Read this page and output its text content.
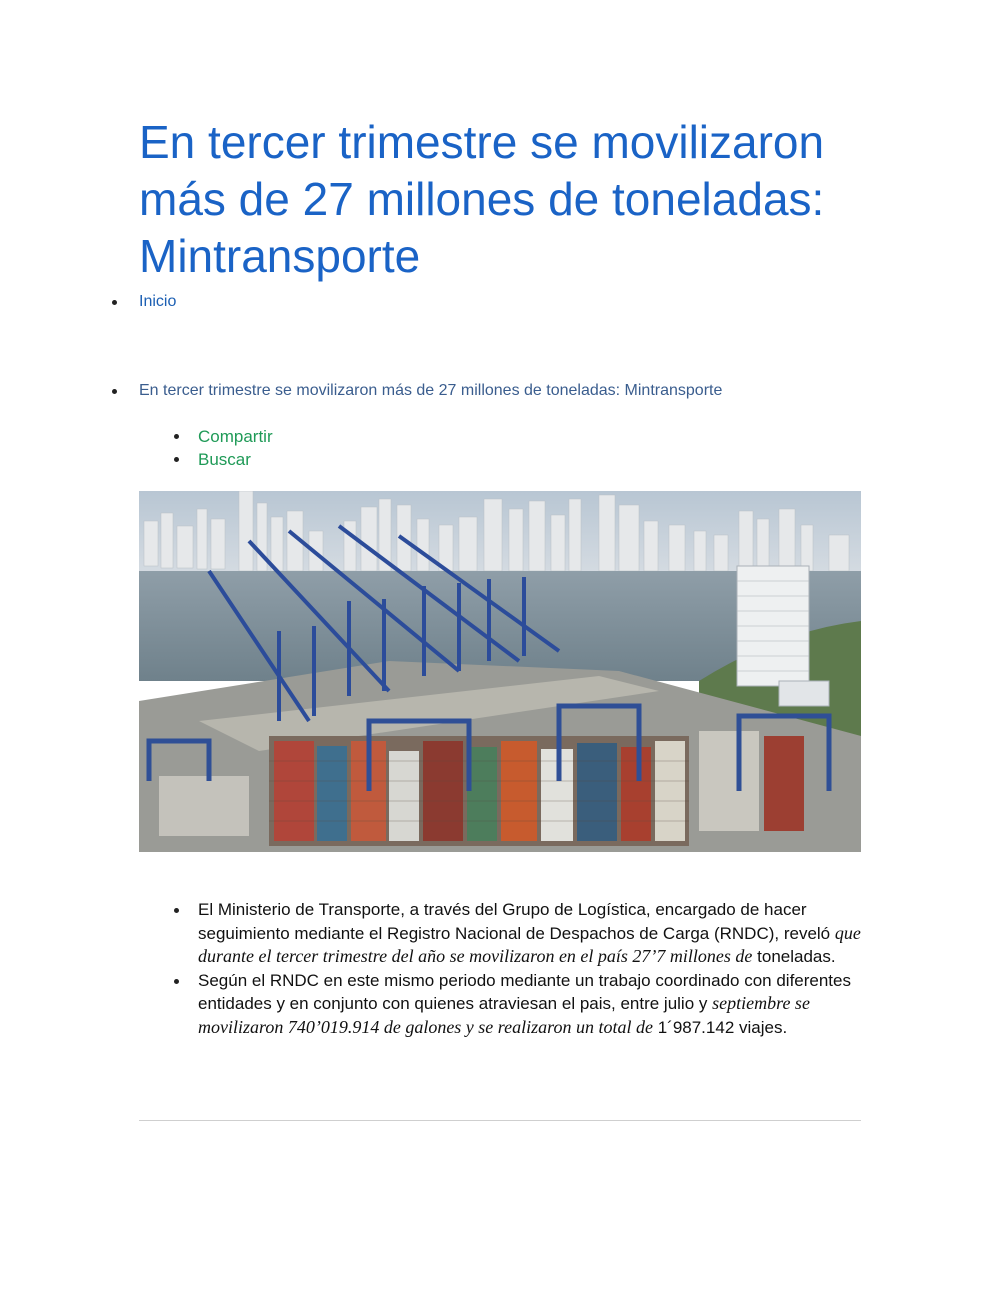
En tercer trimestre se movilizaron más de 27 millones de toneladas: Mintransporte
Inicio
En tercer trimestre se movilizaron más de 27 millones de toneladas: Mintransporte
Compartir
Buscar
El Ministerio de Transporte, a través del Grupo de Logística, encargado de hacer seguimiento mediante el Registro Nacional de Despachos de Carga (RNDC), reveló que durante el tercer trimestre del año se movilizaron en el país 27’7 millones de toneladas.
Según el RNDC en este mismo periodo mediante un trabajo coordinado con diferentes entidades y en conjunto con quienes atraviesan el pais, entre julio y septiembre se movilizaron 740’019.914 de galones y se realizaron un total de 1´987.142 viajes.
